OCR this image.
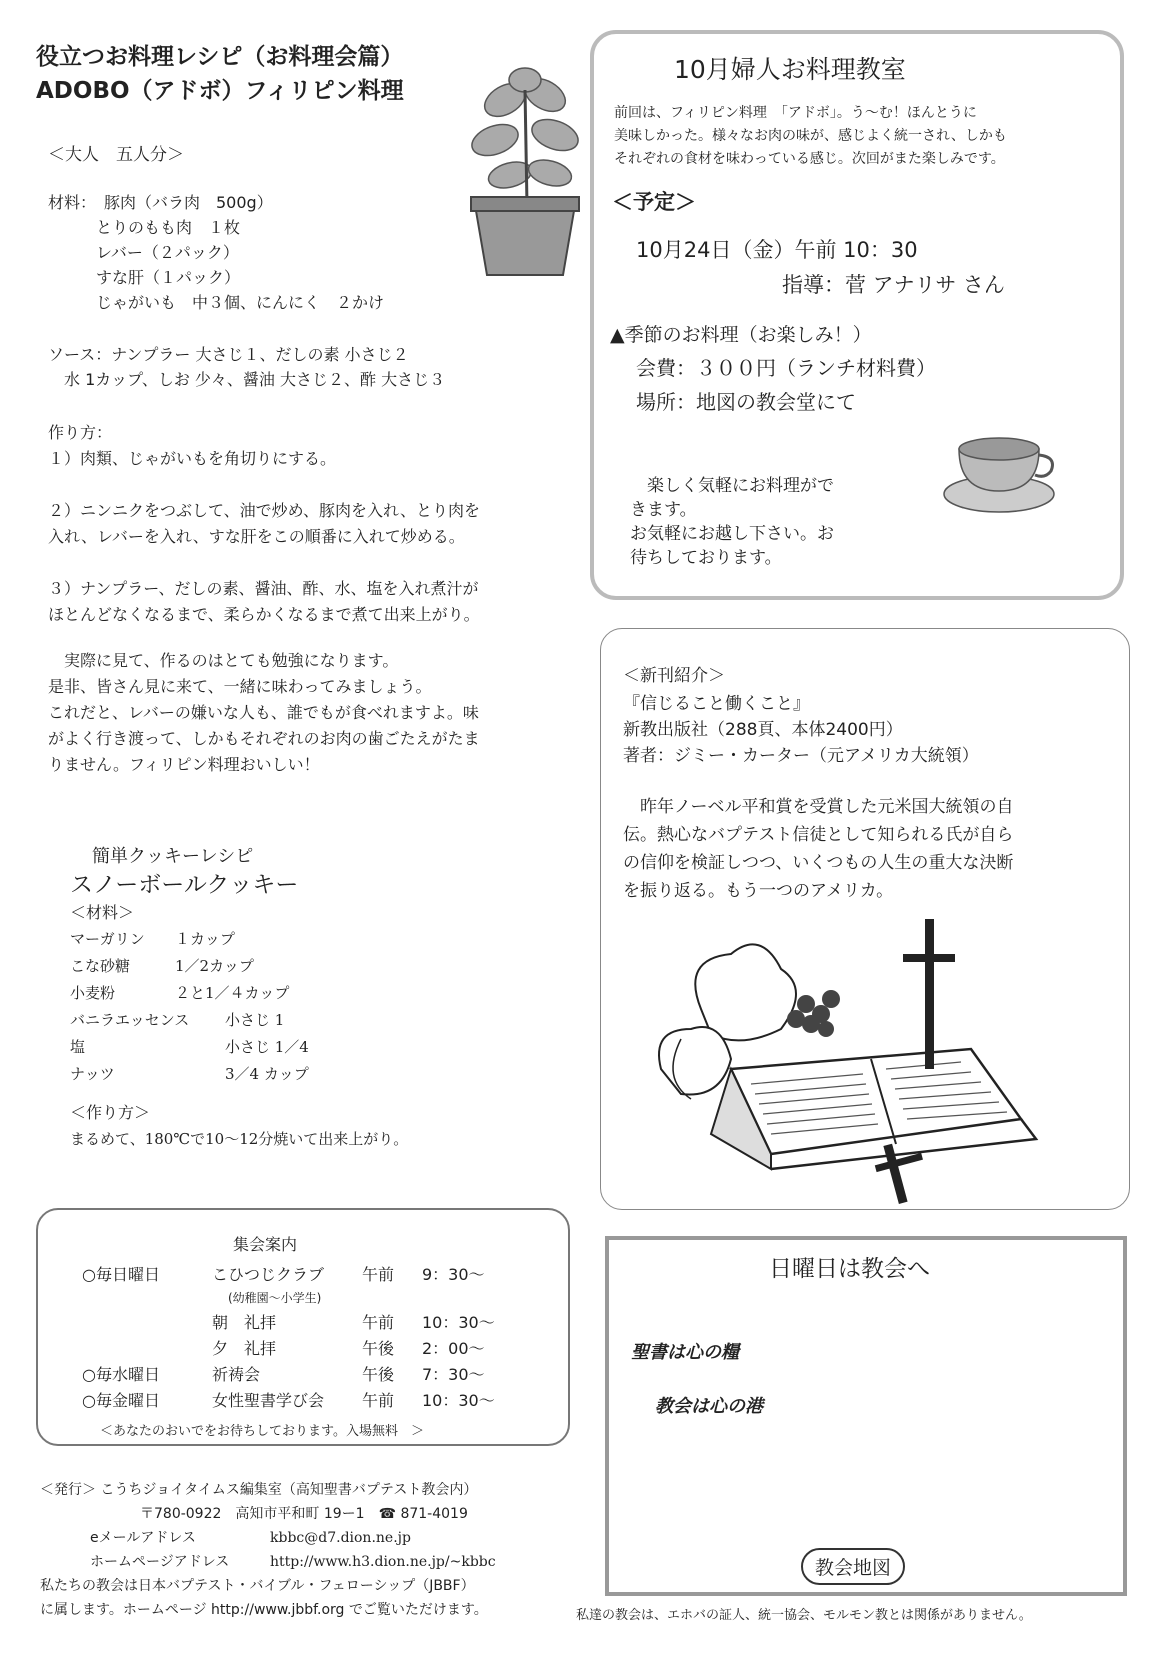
役立つお料理レシピ（お料理会篇）

ADOBO（アドボ）フィリピン料理

＜大人　五人分＞

材料：　豚肉（バラ肉　500g）

　　　とりのもも肉　１枚

　　　レバー（２パック）

　　　すな肝（１パック）

　　　じゃがいも　中３個、にんにく　２かけ

ソース：ナンプラー 大さじ１、だしの素 小さじ２

　水 1カップ、しお 少々、醤油 大さじ２、酢 大さじ３

作り方：

１）肉類、じゃがいもを角切りにする。

２）ニンニクをつぶして、油で炒め、豚肉を入れ、とり肉を

入れ、レバーを入れ、すな肝をこの順番に入れて炒める。

３）ナンプラー、だしの素、醤油、酢、水、塩を入れ煮汁が

ほとんどなくなるまで、柔らかくなるまで煮て出来上がり。

　実際に見て、作るのはとても勉強になります。

是非、皆さん見に来て、一緒に味わってみましょう。

これだと、レバーの嫌いな人も、誰でもが食べれますよ。味

がよく行き渡って、しかもそれぞれのお肉の歯ごたえがたま

りません。フィリピン料理おいしい！

簡単クッキーレシピ

スノーボールクッキー

＜材料＞

マーガリン	１カップ
こな砂糖	1／2カップ
小麦粉	２と1／４カップ
バニラエッセンス	小さじ 1
塩	小さじ 1／4
ナッツ	3／4 カップ

＜作り方＞

まるめて、180℃で10～12分焼いて出来上がり。

集会案内

○毎日曜日	こひつじクラブ	午前	9：30～
(幼稚園～小学生)
朝　礼拝	午前	10：30～
夕　礼拝	午後	2：00～
○毎水曜日	祈祷会	午後	7：30～
○毎金曜日	女性聖書学び会	午前	10：30～

＜あなたのおいでをお待ちしております。入場無料　＞

＜発行＞ こうちジョイタイムス編集室（高知聖書バプテスト教会内）

〒780-0922　高知市平和町 19ー1　☎ 871-4019

eメールアドレス	kbbc@d7.dion.ne.jp
ホームページアドレス	http://www.h3.dion.ne.jp/~kbbc

私たちの教会は日本バプテスト・バイブル・フェローシップ（JBBF）

に属します。ホームページ http://www.jbbf.org でご覧いただけます。

10月婦人お料理教室

前回は、フィリピン料理　「アドボ」。う～む！ほんとうに

美味しかった。様々なお肉の味が、感じよく統一され、しかも

それぞれの食材を味わっている感じ。次回がまた楽しみです。

＜予定＞

10月24日（金）午前 10：30

指導：菅 アナリサ さん

▲季節のお料理（お楽しみ！）

会費：３００円（ランチ材料費）

場所：地図の教会堂にて

　楽しく気軽にお料理がで

きます。

お気軽にお越し下さい。お

待ちしております。

＜新刊紹介＞

『信じること働くこと』

新教出版社（288頁、本体2400円）

著者：ジミー・カーター（元アメリカ大統領）

　昨年ノーベル平和賞を受賞した元米国大統領の自

伝。熱心なバプテスト信徒として知られる氏が自ら

の信仰を検証しつつ、いくつもの人生の重大な決断

を振り返る。もう一つのアメリカ。

日曜日は教会へ

聖書は心の糧

教会は心の港

教会地図

私達の教会は、エホバの証人、統一協会、モルモン教とは関係がありません。
